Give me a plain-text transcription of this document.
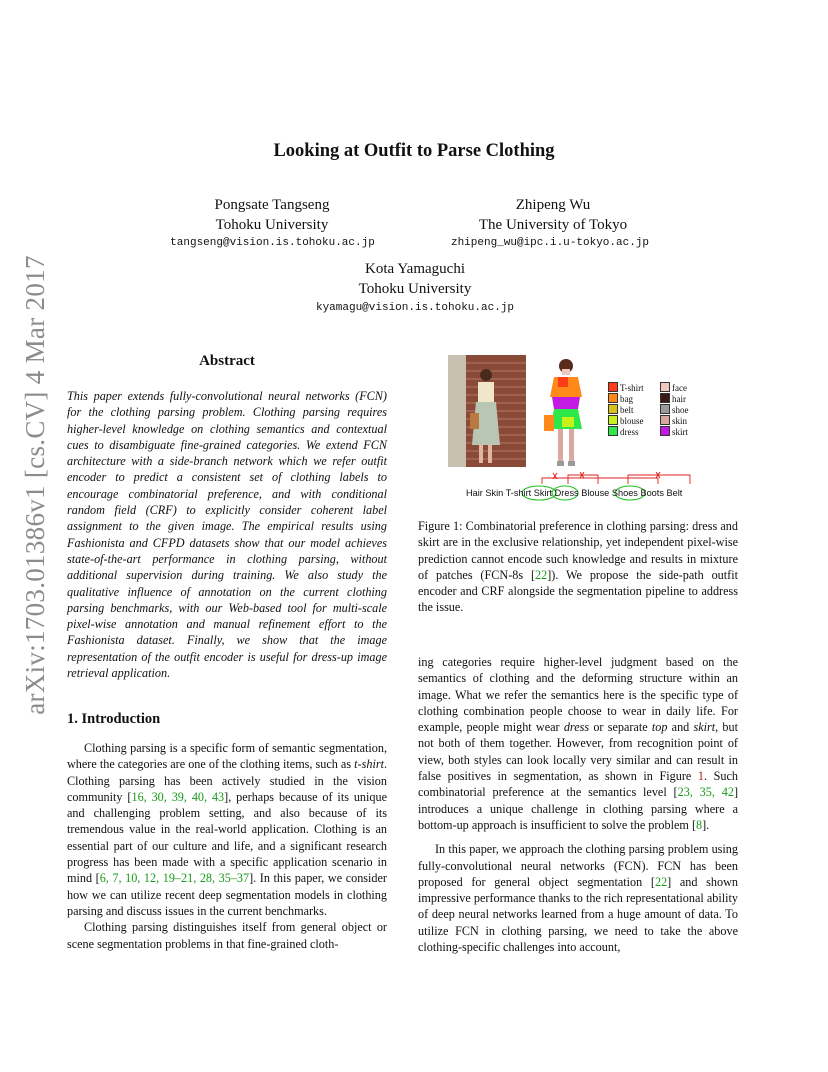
arXiv:1703.01386v1 [cs.CV] 4 Mar 2017
Looking at Outfit to Parse Clothing
Pongsate Tangseng
Tohoku University
tangseng@vision.is.tohoku.ac.jp
Zhipeng Wu
The University of Tokyo
zhipeng_wu@ipc.i.u-tokyo.ac.jp
Kota Yamaguchi
Tohoku University
kyamagu@vision.is.tohoku.ac.jp
Abstract
This paper extends fully-convolutional neural networks (FCN) for the clothing parsing problem. Clothing parsing requires higher-level knowledge on clothing semantics and contextual cues to disambiguate fine-grained categories. We extend FCN architecture with a side-branch network which we refer outfit encoder to predict a consistent set of clothing labels to encourage combinatorial preference, and with conditional random field (CRF) to explicitly consider coherent label assignment to the given image. The empirical results using Fashionista and CFPD datasets show that our model achieves state-of-the-art performance in clothing parsing, without additional supervision during training. We also study the qualitative influence of annotation on the current clothing parsing benchmarks, with our Web-based tool for multi-scale pixel-wise annotation and manual refinement effort to the Fashionista dataset. Finally, we show that the image representation of the outfit encoder is useful for dress-up image retrieval application.
1. Introduction

Clothing parsing is a specific form of semantic segmentation, where the categories are one of the clothing items, such as t-shirt. Clothing parsing has been actively studied in the vision community [16, 30, 39, 40, 43], perhaps because of its unique and challenging problem setting, and also because of its tremendous value in the real-world application. Clothing is an essential part of our culture and life, and a significant research progress has been made with a specific application scenario in mind [6, 7, 10, 12, 19–21, 28, 35–37]. In this paper, we consider how we can utilize recent deep segmentation models in clothing parsing and discuss issues in the current benchmarks.

Clothing parsing distinguishes itself from general object or scene segmentation problems in that fine-grained cloth-

T-shirt
bag
belt
blouse
dress
face
hair
shoe
skin
skirt
Hair Skin T-shirt Skirt Dress Blouse Shoes Boots Belt
Figure 1: Combinatorial preference in clothing parsing: dress and skirt are in the exclusive relationship, yet independent pixel-wise prediction cannot encode such knowledge and results in mixture of patches (FCN-8s [22]). We propose the side-path outfit encoder and CRF alongside the segmentation pipeline to address the issue.

ing categories require higher-level judgment based on the semantics of clothing and the deforming structure within an image. What we refer the semantics here is the specific type of clothing combination people choose to wear in daily life. For example, people might wear dress or separate top and skirt, but not both of them together. However, from recognition point of view, both styles can look locally very similar and can result in false positives in segmentation, as shown in Figure 1. Such combinatorial preference at the semantics level [23, 35, 42] introduces a unique challenge in clothing parsing where a bottom-up approach is insufficient to solve the problem [8].

In this paper, we approach the clothing parsing problem using fully-convolutional neural networks (FCN). FCN has been proposed for general object segmentation [22] and shown impressive performance thanks to the rich representational ability of deep neural networks learned from a huge amount of data. To utilize FCN in clothing parsing, we need to take the above clothing-specific challenges into account,
